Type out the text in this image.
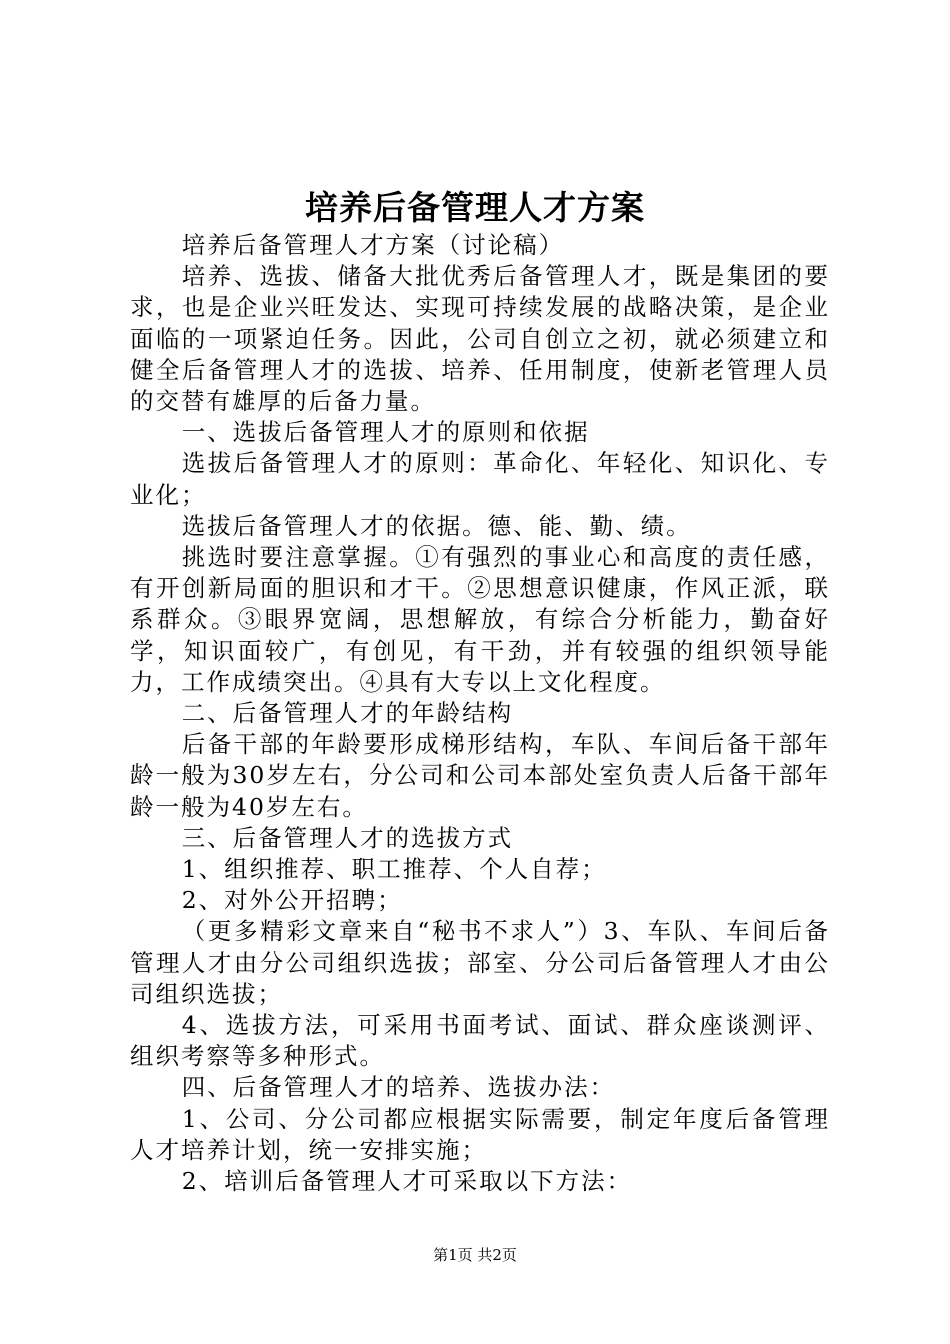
培养后备管理人才方案

培养后备管理人才方案（讨论稿）

培养、选拔、储备大批优秀后备管理人才，既是集团的要求，也是企业兴旺发达、实现可持续发展的战略决策，是企业面临的一项紧迫任务。因此，公司自创立之初，就必须建立和健全后备管理人才的选拔、培养、任用制度，使新老管理人员的交替有雄厚的后备力量。

一、选拔后备管理人才的原则和依据

选拔后备管理人才的原则：革命化、年轻化、知识化、专业化；

选拔后备管理人才的依据。德、能、勤、绩。

挑选时要注意掌握。①有强烈的事业心和高度的责任感，有开创新局面的胆识和才干。②思想意识健康，作风正派，联系群众。③眼界宽阔，思想解放，有综合分析能力，勤奋好学，知识面较广，有创见，有干劲，并有较强的组织领导能力，工作成绩突出。④具有大专以上文化程度。

二、后备管理人才的年龄结构

后备干部的年龄要形成梯形结构，车队、车间后备干部年龄一般为30岁左右，分公司和公司本部处室负责人后备干部年龄一般为40岁左右。

三、后备管理人才的选拔方式

1、组织推荐、职工推荐、个人自荐；

2、对外公开招聘；

（更多精彩文章来自“秘书不求人”）3、车队、车间后备管理人才由分公司组织选拔；部室、分公司后备管理人才由公司组织选拔；

4、选拔方法，可采用书面考试、面试、群众座谈测评、组织考察等多种形式。

四、后备管理人才的培养、选拔办法：

1、公司、分公司都应根据实际需要，制定年度后备管理人才培养计划，统一安排实施；

2、培训后备管理人才可采取以下方法：

第1页 共2页
